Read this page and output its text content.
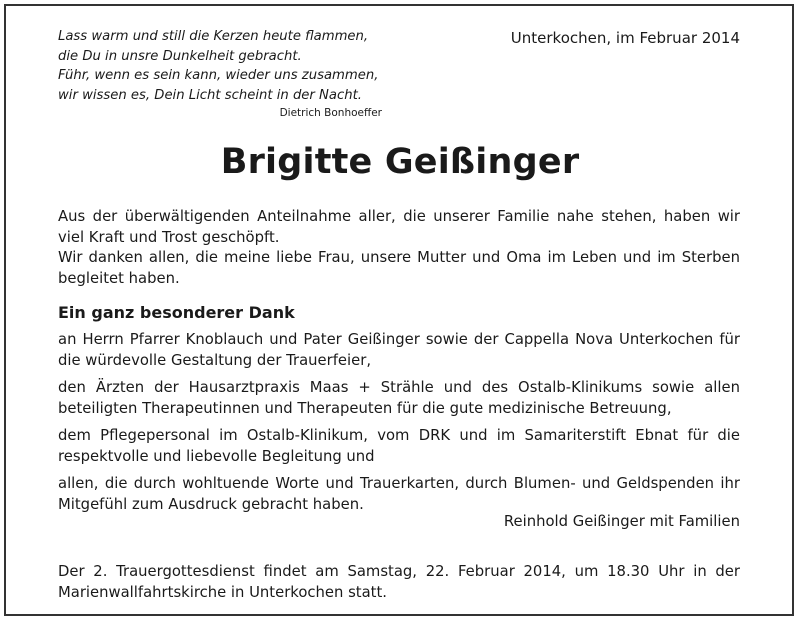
Lass warm und still die Kerzen heute flammen,
die Du in unsre Dunkelheit gebracht.
Führ, wenn es sein kann, wieder uns zusammen,
wir wissen es, Dein Licht scheint in der Nacht.
Dietrich Bonhoeffer
Unterkochen, im Februar 2014
Brigitte Geißinger

Aus der überwältigenden Anteilnahme aller, die unserer Familie nahe stehen, haben wir viel Kraft und Trost geschöpft.

Wir danken allen, die meine liebe Frau, unsere Mutter und Oma im Leben und im Sterben begleitet haben.

Ein ganz besonderer Dank

an Herrn Pfarrer Knoblauch und Pater Geißinger sowie der Cappella Nova Unterkochen für die würdevolle Gestaltung der Trauerfeier,

den Ärzten der Hausarztpraxis Maas + Strähle und des Ostalb-Klinikums sowie allen beteiligten Therapeutinnen und Therapeuten für die gute medizinische Betreuung,

dem Pflegepersonal im Ostalb-Klinikum, vom DRK und im Samariterstift Ebnat für die respektvolle und liebevolle Begleitung und

allen, die durch wohltuende Worte und Trauerkarten, durch Blumen- und Geldspenden ihr Mitgefühl zum Ausdruck gebracht haben.

Reinhold Geißinger mit Familien

Der 2. Trauergottesdienst findet am Samstag, 22. Februar 2014, um 18.30 Uhr in der Marienwallfahrtskirche in Unterkochen statt.
